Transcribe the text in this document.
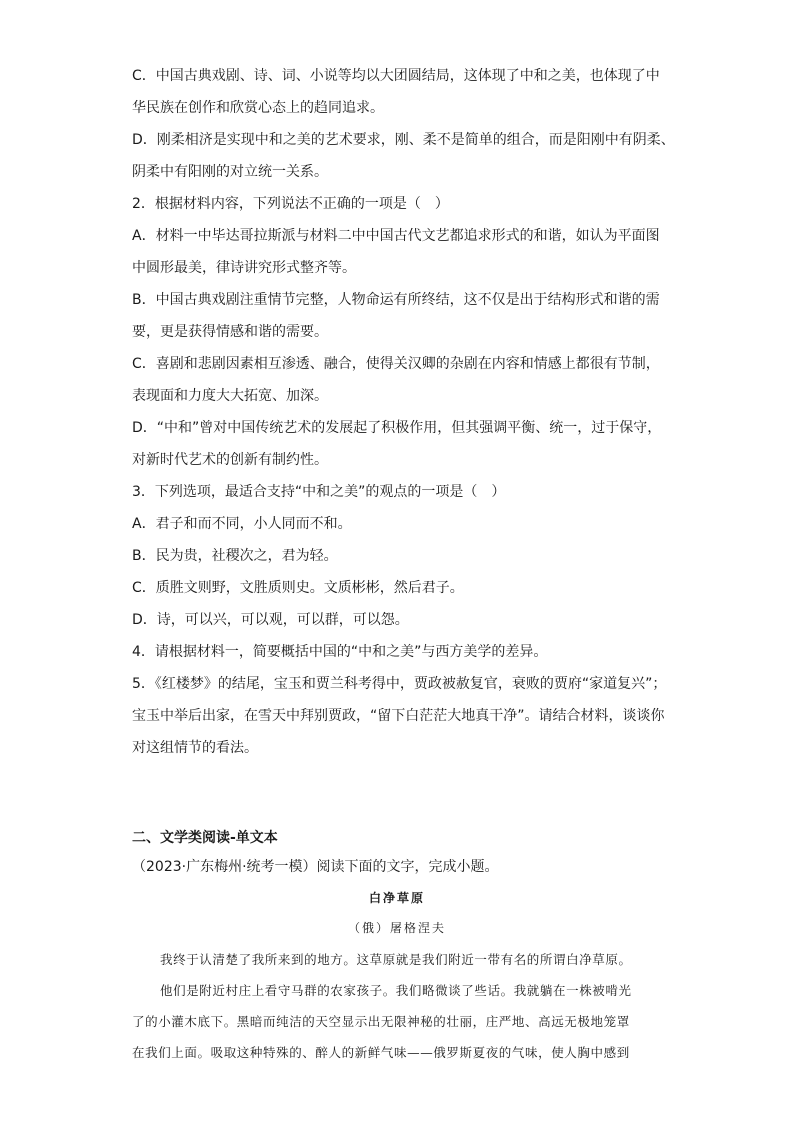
C．中国古典戏剧、诗、词、小说等均以大团圆结局，这体现了中和之美，也体现了中
华民族在创作和欣赏心态上的趋同追求。
D．刚柔相济是实现中和之美的艺术要求，刚、柔不是简单的组合，而是阳刚中有阴柔、
阴柔中有阳刚的对立统一关系。
2．根据材料内容，下列说法不正确的一项是（　）
A．材料一中毕达哥拉斯派与材料二中中国古代文艺都追求形式的和谐，如认为平面图
中圆形最美，律诗讲究形式整齐等。
B．中国古典戏剧注重情节完整，人物命运有所终结，这不仅是出于结构形式和谐的需
要，更是获得情感和谐的需要。
C．喜剧和悲剧因素相互渗透、融合，使得关汉卿的杂剧在内容和情感上都很有节制，
表现面和力度大大拓宽、加深。
D．“中和”曾对中国传统艺术的发展起了积极作用，但其强调平衡、统一，过于保守，
对新时代艺术的创新有制约性。
3．下列选项，最适合支持“中和之美”的观点的一项是（　）
A．君子和而不同，小人同而不和。
B．民为贵，社稷次之，君为轻。
C．质胜文则野，文胜质则史。文质彬彬，然后君子。
D．诗，可以兴，可以观，可以群，可以怨。
4．请根据材料一，简要概括中国的“中和之美”与西方美学的差异。
5．《红楼梦》的结尾，宝玉和贾兰科考得中，贾政被赦复官，衰败的贾府“家道复兴”；
宝玉中举后出家，在雪天中拜别贾政，“留下白茫茫大地真干净”。请结合材料，谈谈你
对这组情节的看法。
二、文学类阅读-单文本
（2023·广东梅州·统考一模）阅读下面的文字，完成小题。
白净草原
（俄）屠格涅夫
我终于认清楚了我所来到的地方。这草原就是我们附近一带有名的所谓白净草原。
他们是附近村庄上看守马群的农家孩子。我们略微谈了些话。我就躺在一株被啃光
了的小灌木底下。黑暗而纯洁的天空显示出无限神秘的壮丽，庄严地、高远无极地笼罩
在我们上面。吸取这种特殊的、醉人的新鲜气味——俄罗斯夏夜的气味，使人胸中感到
